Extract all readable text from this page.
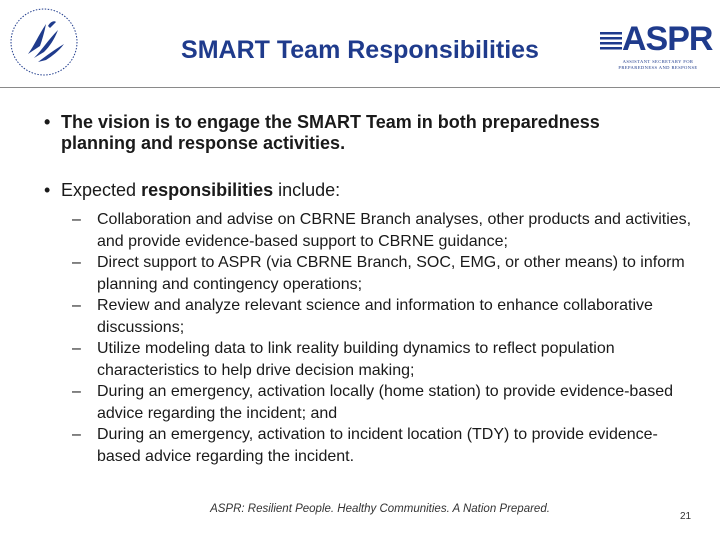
SMART Team Responsibilities	ASPR
ASSISTANT SECRETARY FOR PREPAREDNESS AND RESPONSE
• The vision is to engage the SMART Team in both preparedness planning and response activities.
• Expected responsibilities include:
– Collaboration and advise on CBRNE Branch analyses, other products and activities, and provide evidence-based support to CBRNE guidance;
– Direct support to ASPR (via CBRNE Branch, SOC, EMG, or other means) to inform planning and contingency operations;
– Review and analyze relevant science and information to enhance collaborative discussions;
– Utilize modeling data to link reality building dynamics to reflect population characteristics to help drive decision making;
– During an emergency, activation locally (home station) to provide evidence-based advice regarding the incident; and
– During an emergency, activation to incident location (TDY) to provide evidence-based advice regarding the incident.
ASPR: Resilient People. Healthy Communities. A Nation Prepared.
21
